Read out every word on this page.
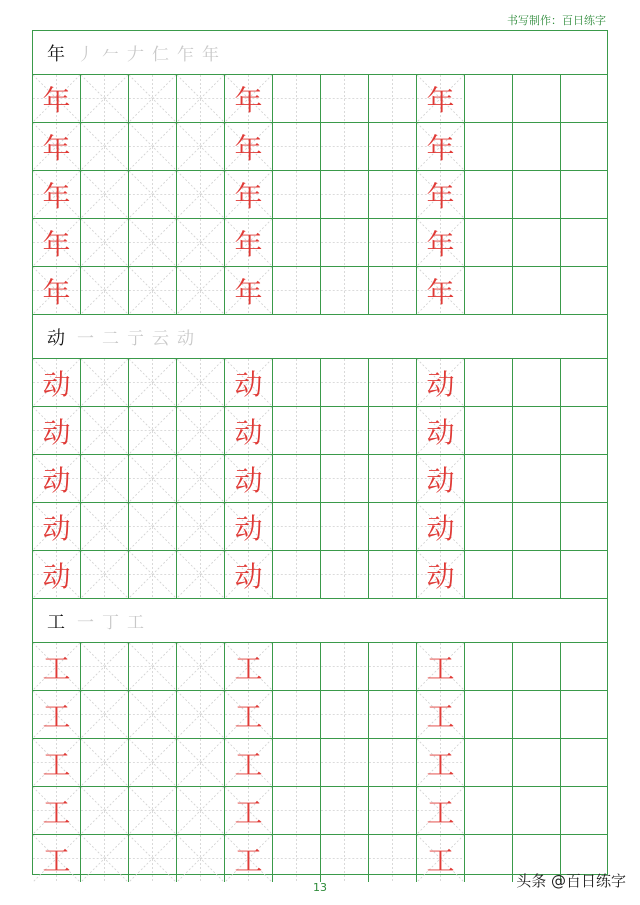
书写制作：百日练字
年 丿 𠂉 𠂇 仁 乍 年
年	年	年
年	年	年
年	年	年
年	年	年
年	年	年
动 一 二 亍 云 动
动	动	动
动	动	动
动	动	动
动	动	动
动	动	动
工 一 丁 工
工	工	工
工	工	工
工	工	工
工	工	工
工	工	工
13	头条 @百日练字
